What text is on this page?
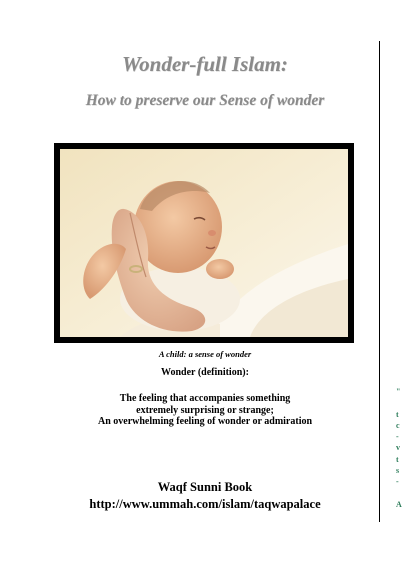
Wonder-full Islam:
How to preserve our Sense of wonder
A child: a sense of wonder
Wonder (definition):
The feeling that accompanies something
extremely surprising or strange;
An overwhelming feeling of wonder or admiration
Waqf Sunni Book
http://www.ummah.com/islam/taqwapalace
"
t
c
-
v
t
s
-
A
